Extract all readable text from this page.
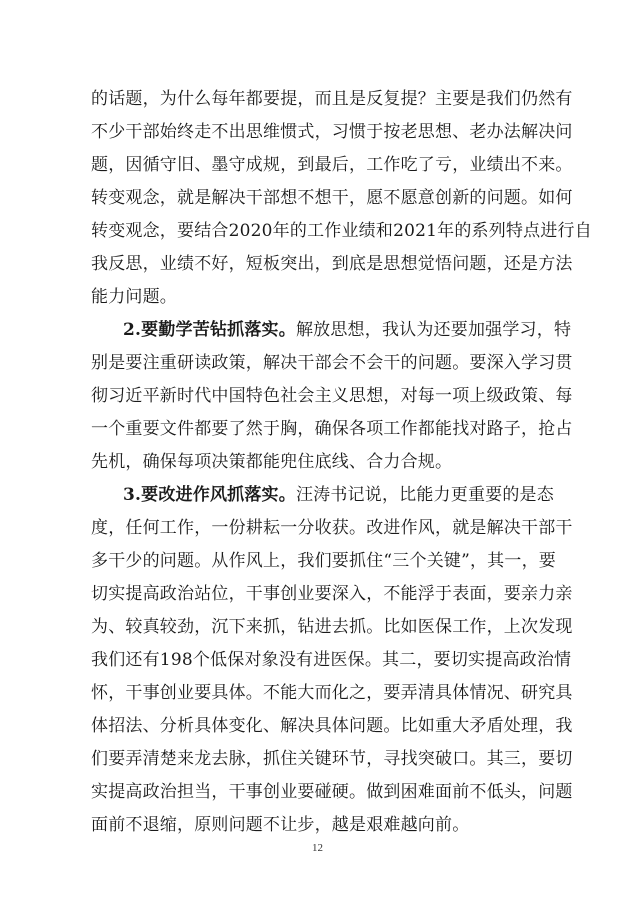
的话题，为什么每年都要提，而且是反复提？主要是我们仍然有
不少干部始终走不出思维惯式，习惯于按老思想、老办法解决问
题，因循守旧、墨守成规，到最后，工作吃了亏，业绩出不来。
转变观念，就是解决干部想不想干，愿不愿意创新的问题。如何
转变观念，要结合2020年的工作业绩和2021年的系列特点进行自
我反思，业绩不好，短板突出，到底是思想觉悟问题，还是方法
能力问题。
2.要勤学苦钻抓落实。解放思想，我认为还要加强学习，特
别是要注重研读政策，解决干部会不会干的问题。要深入学习贯
彻习近平新时代中国特色社会主义思想，对每一项上级政策、每
一个重要文件都要了然于胸，确保各项工作都能找对路子，抢占
先机，确保每项决策都能兜住底线、合力合规。
3.要改进作风抓落实。汪涛书记说，比能力更重要的是态
度，任何工作，一份耕耘一分收获。改进作风，就是解决干部干
多干少的问题。从作风上，我们要抓住“三个关键”，其一，要
切实提高政治站位，干事创业要深入，不能浮于表面，要亲力亲
为、较真较劲，沉下来抓，钻进去抓。比如医保工作，上次发现
我们还有198个低保对象没有进医保。其二，要切实提高政治情
怀，干事创业要具体。不能大而化之，要弄清具体情况、研究具
体招法、分析具体变化、解决具体问题。比如重大矛盾处理，我
们要弄清楚来龙去脉，抓住关键环节，寻找突破口。其三，要切
实提高政治担当，干事创业要碰硬。做到困难面前不低头，问题
面前不退缩，原则问题不让步，越是艰难越向前。
12
